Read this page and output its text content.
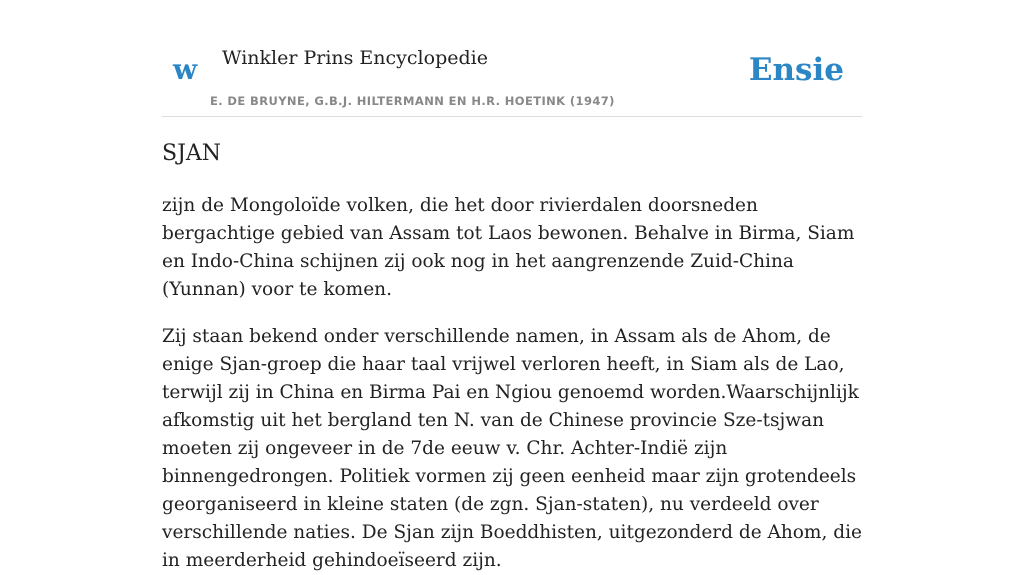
w Winkler Prins Encyclopedie
E. DE BRUYNE, G.B.J. HILTERMANN EN H.R. HOETINK (1947)
Ensie
SJAN

zijn de Mongoloïde volken, die het door rivierdalen doorsneden bergachtige gebied van Assam tot Laos bewonen. Behalve in Birma, Siam en Indo-China schijnen zij ook nog in het aangrenzende Zuid-China (Yunnan) voor te komen.

Zij staan bekend onder verschillende namen, in Assam als de Ahom, de enige Sjan-groep die haar taal vrijwel verloren heeft, in Siam als de Lao, terwijl zij in China en Birma Pai en Ngiou genoemd worden.Waarschijnlijk afkomstig uit het bergland ten N. van de Chinese provincie Sze-tsjwan moeten zij ongeveer in de 7de eeuw v. Chr. Achter-Indië zijn binnengedrongen. Politiek vormen zij geen eenheid maar zijn grotendeels georganiseerd in kleine staten (de zgn. Sjan-staten), nu verdeeld over verschillende naties. De Sjan zijn Boeddhisten, uitgezonderd de Ahom, die in meerderheid gehindoeïseerd zijn.
